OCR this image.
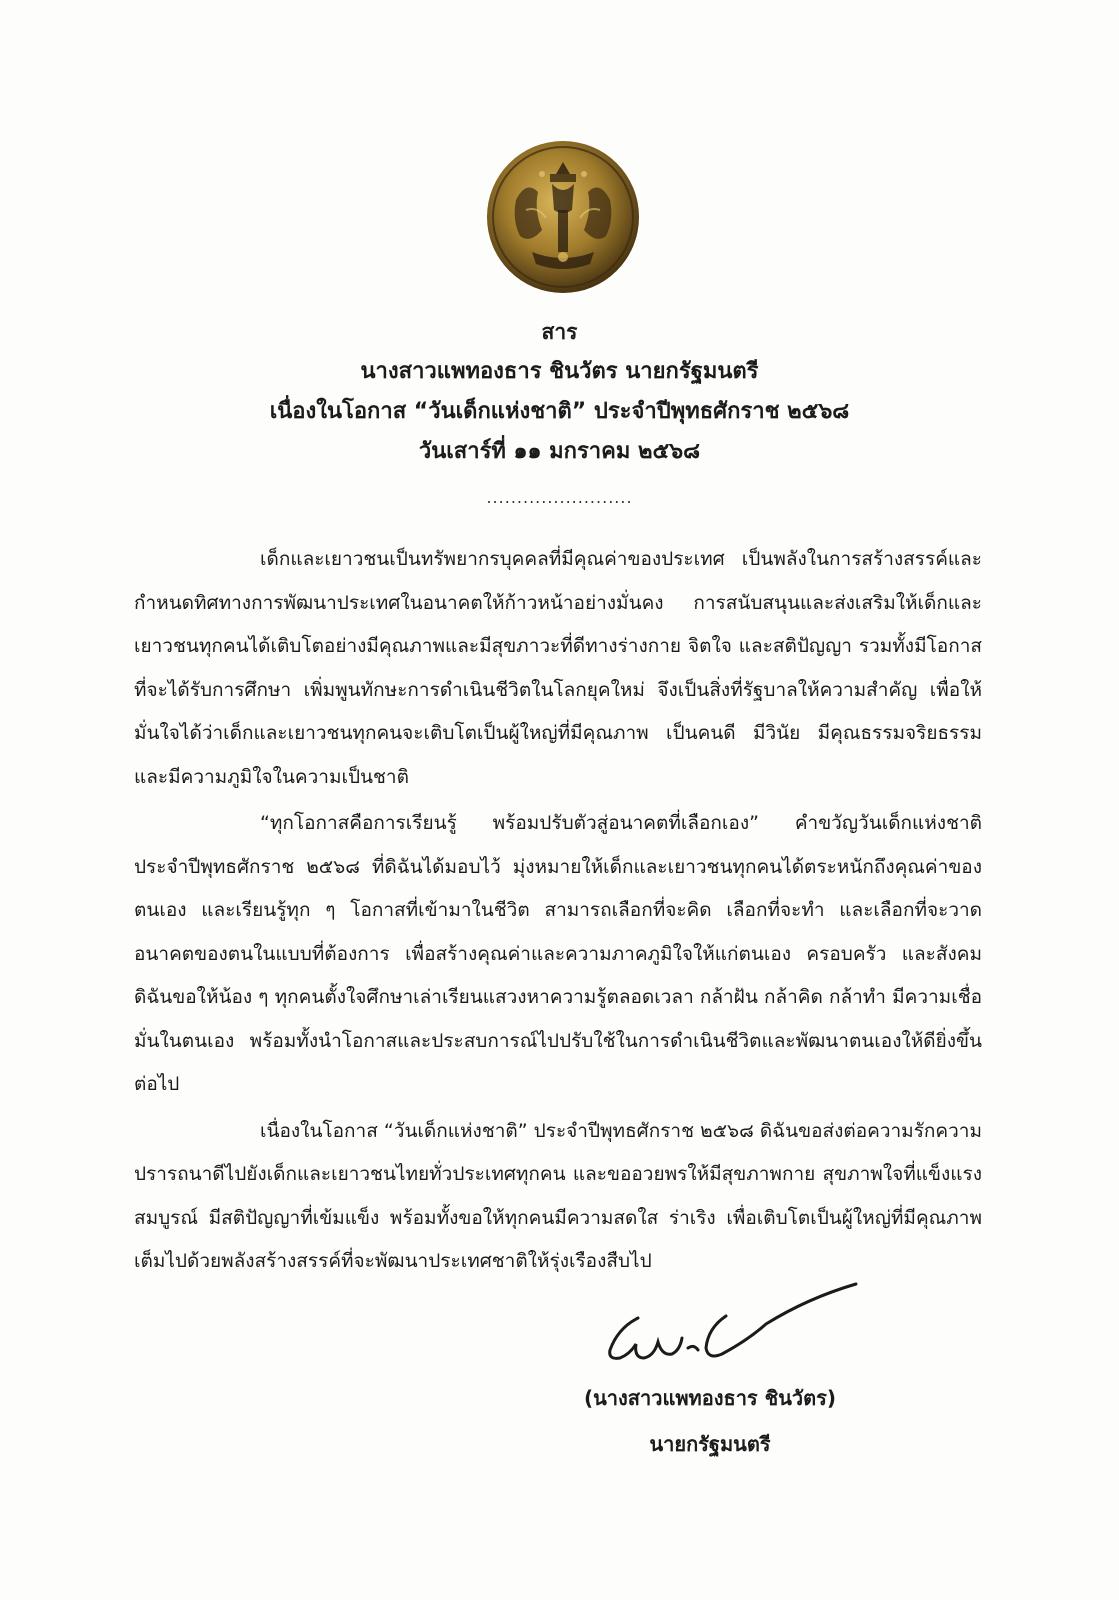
สาร
นางสาวแพทองธาร ชินวัตร นายกรัฐมนตรี
เนื่องในโอกาส “วันเด็กแห่งชาติ” ประจำปีพุทธศักราช ๒๕๖๘
วันเสาร์ที่ ๑๑ มกราคม ๒๕๖๘
........................

เด็กและเยาวชนเป็นทรัพยากรบุคคลที่มีคุณค่าของประเทศ เป็นพลังในการสร้างสรรค์และกำหนดทิศทางการพัฒนาประเทศในอนาคตให้ก้าวหน้าอย่างมั่นคง การสนับสนุนและส่งเสริมให้เด็กและเยาวชนทุกคนได้เติบโตอย่างมีคุณภาพและมีสุขภาวะที่ดีทางร่างกาย จิตใจ และสติปัญญา รวมทั้งมีโอกาสที่จะได้รับการศึกษา เพิ่มพูนทักษะการดำเนินชีวิตในโลกยุคใหม่ จึงเป็นสิ่งที่รัฐบาลให้ความสำคัญ เพื่อให้มั่นใจได้ว่าเด็กและเยาวชนทุกคนจะเติบโตเป็นผู้ใหญ่ที่มีคุณภาพ เป็นคนดี มีวินัย มีคุณธรรมจริยธรรม และมีความภูมิใจในความเป็นชาติ

“ทุกโอกาสคือการเรียนรู้ พร้อมปรับตัวสู่อนาคตที่เลือกเอง” คำขวัญวันเด็กแห่งชาติ ประจำปีพุทธศักราช ๒๕๖๘ ที่ดิฉันได้มอบไว้ มุ่งหมายให้เด็กและเยาวชนทุกคนได้ตระหนักถึงคุณค่าของตนเอง และเรียนรู้ทุก ๆ โอกาสที่เข้ามาในชีวิต สามารถเลือกที่จะคิด เลือกที่จะทำ และเลือกที่จะวาดอนาคตของตนในแบบที่ต้องการ เพื่อสร้างคุณค่าและความภาคภูมิใจให้แก่ตนเอง ครอบครัว และสังคม ดิฉันขอให้น้อง ๆ ทุกคนตั้งใจศึกษาเล่าเรียนแสวงหาความรู้ตลอดเวลา กล้าฝัน กล้าคิด กล้าทำ มีความเชื่อมั่นในตนเอง พร้อมทั้งนำโอกาสและประสบการณ์ไปปรับใช้ในการดำเนินชีวิตและพัฒนาตนเองให้ดียิ่งขึ้นต่อไป

เนื่องในโอกาส “วันเด็กแห่งชาติ” ประจำปีพุทธศักราช ๒๕๖๘ ดิฉันขอส่งต่อความรักความปรารถนาดีไปยังเด็กและเยาวชนไทยทั่วประเทศทุกคน และขออวยพรให้มีสุขภาพกาย สุขภาพใจที่แข็งแรงสมบูรณ์ มีสติปัญญาที่เข้มแข็ง พร้อมทั้งขอให้ทุกคนมีความสดใส ร่าเริง เพื่อเติบโตเป็นผู้ใหญ่ที่มีคุณภาพ เต็มไปด้วยพลังสร้างสรรค์ที่จะพัฒนาประเทศชาติให้รุ่งเรืองสืบไป

(นางสาวแพทองธาร ชินวัตร)
นายกรัฐมนตรี
